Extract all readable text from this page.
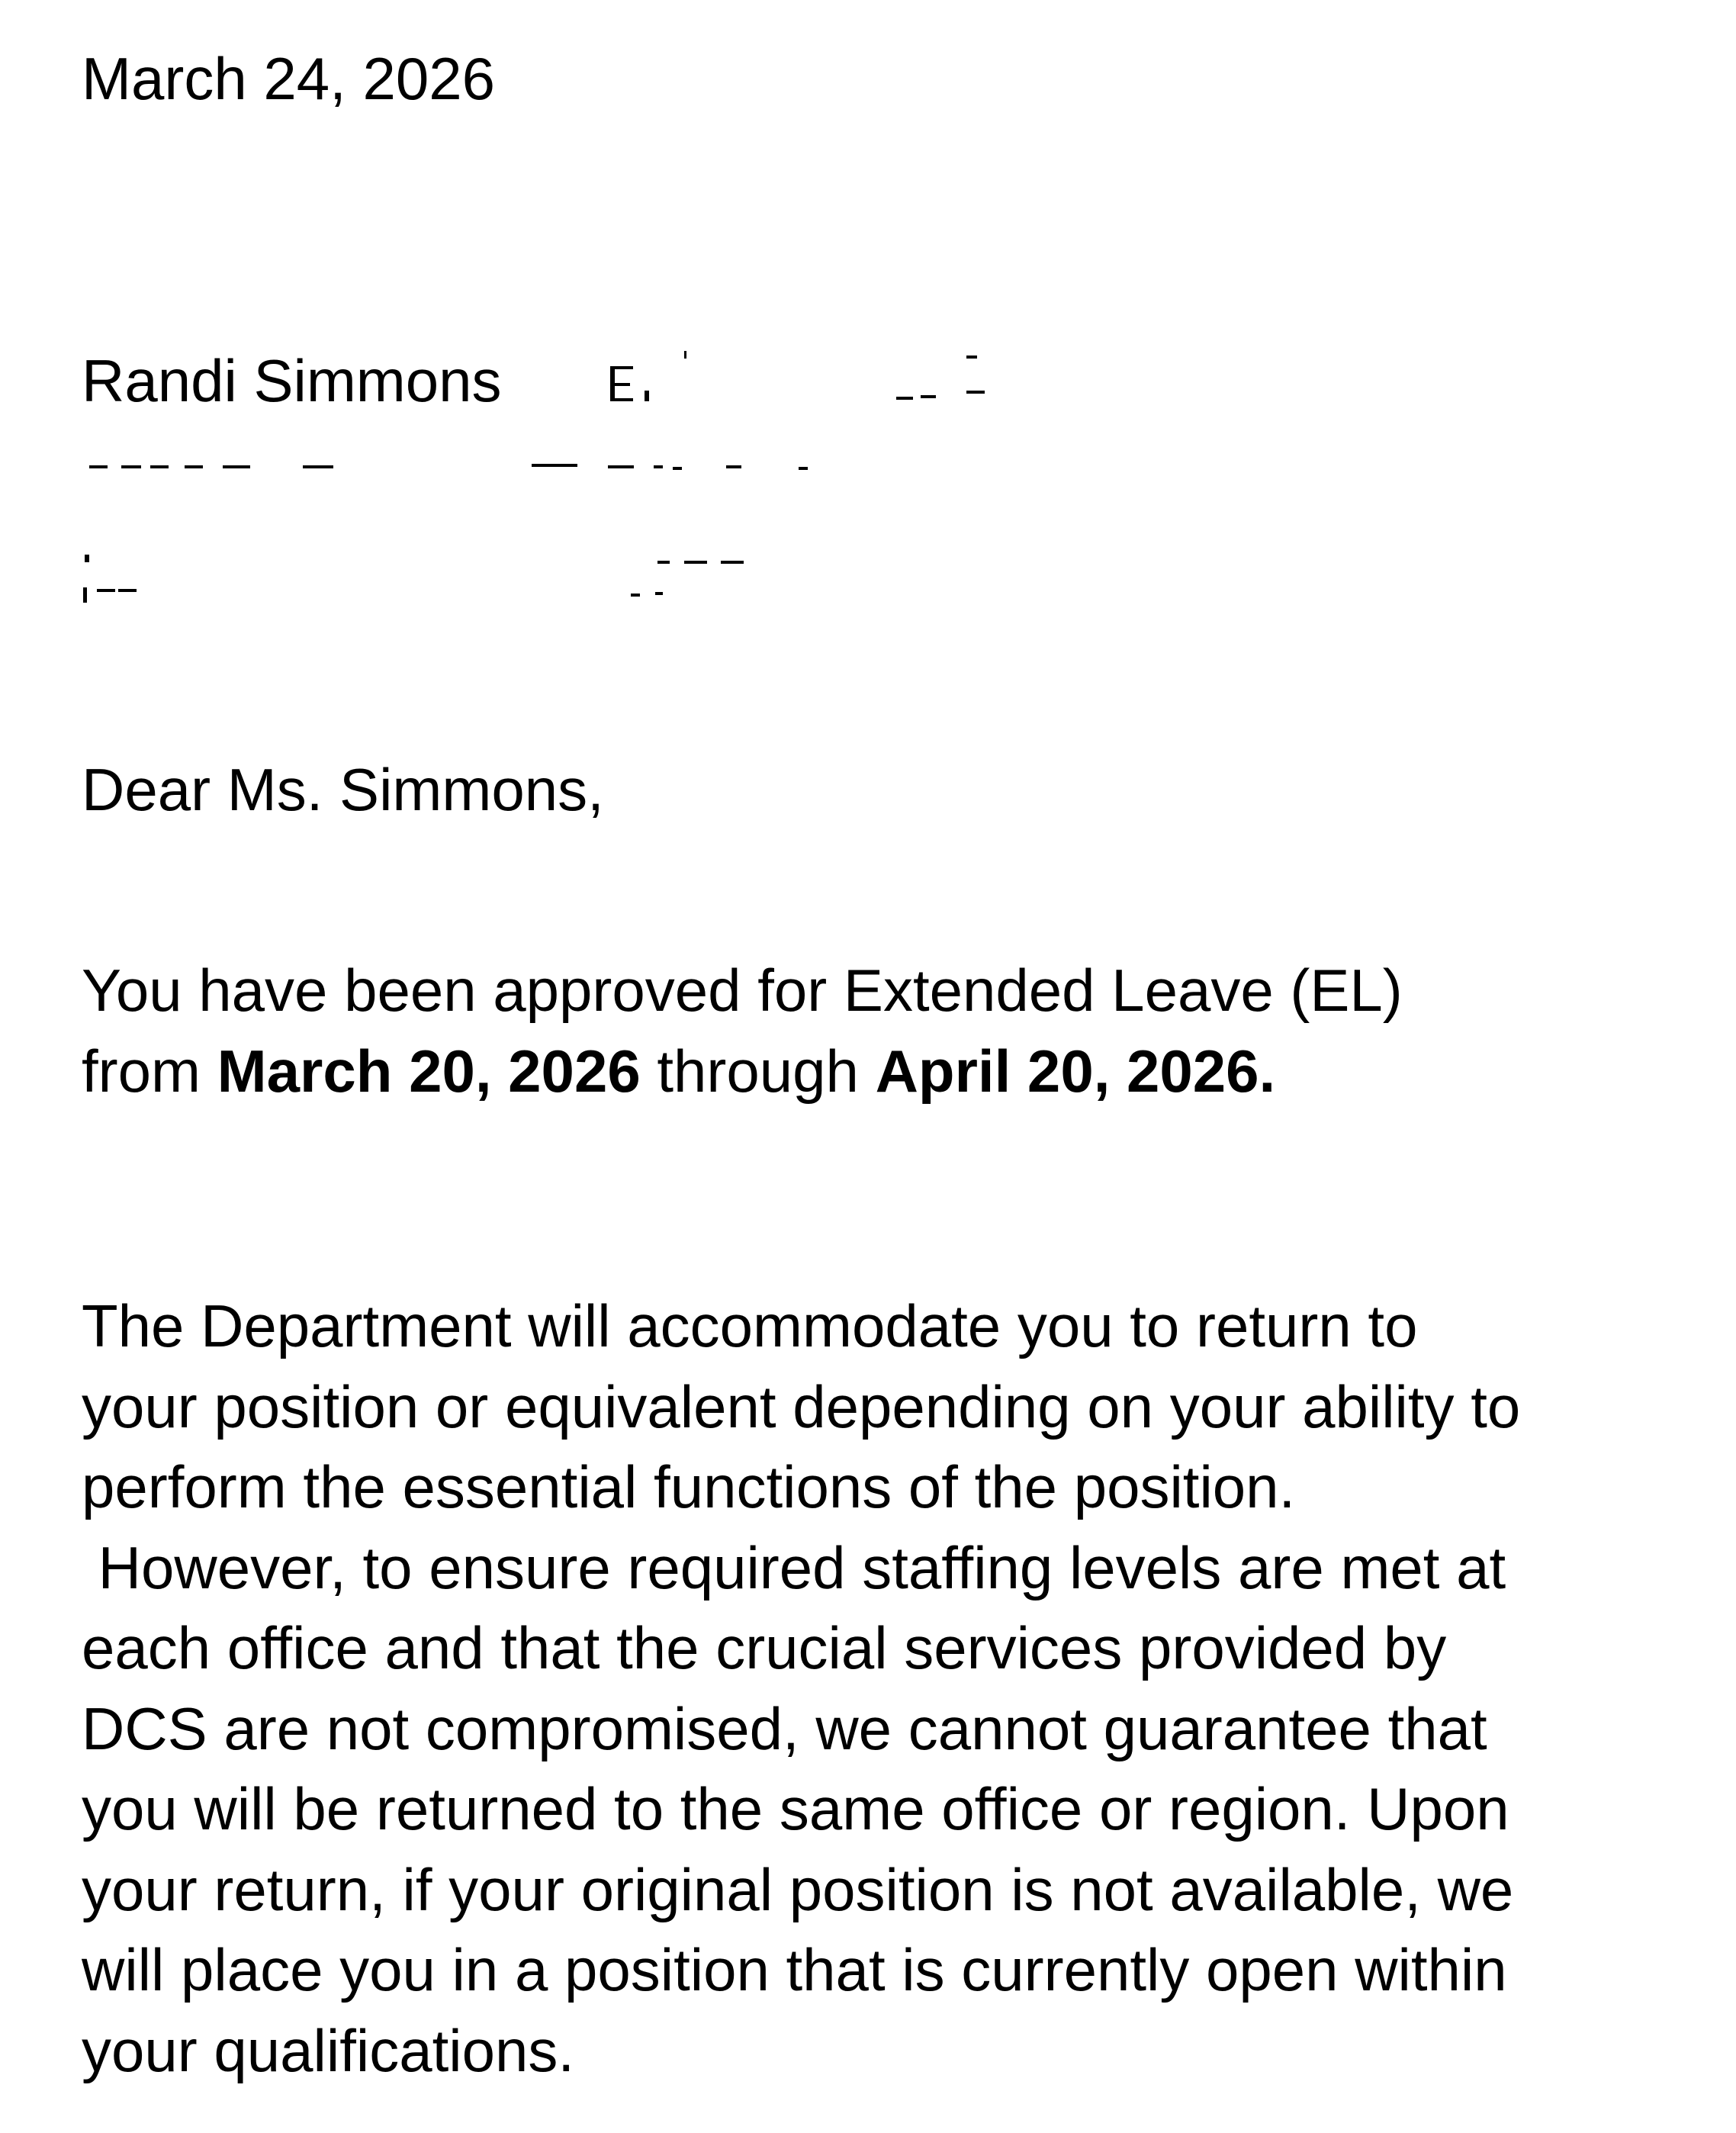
March 24, 2026

Randi Simmons

Dear Ms. Simmons,

You have been approved for Extended Leave (EL)
from March 20, 2026 through April 20, 2026.

The Department will accommodate you to return to
your position or equivalent depending on your ability to
perform the essential functions of the position.
However, to ensure required staffing levels are met at
each office and that the crucial services provided by
DCS are not compromised, we cannot guarantee that
you will be returned to the same office or region. Upon
your return, if your original position is not available, we
will place you in a position that is currently open within
your qualifications.
